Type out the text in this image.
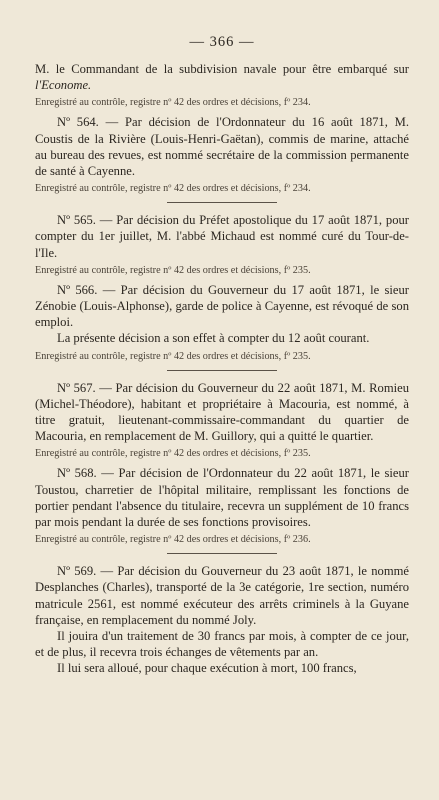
— 366 —

M. le Commandant de la subdivision navale pour être embarqué sur l'Econome.

Enregistré au contrôle, registre nº 42 des ordres et décisions, fº 234.

Nº 564. — Par décision de l'Ordonnateur du 16 août 1871, M. Coustis de la Rivière (Louis-Henri-Gaëtan), commis de marine, attaché au bureau des revues, est nommé secrétaire de la commission permanente de santé à Cayenne.

Enregistré au contrôle, registre nº 42 des ordres et décisions, fº 234.

Nº 565. — Par décision du Préfet apostolique du 17 août 1871, pour compter du 1er juillet, M. l'abbé Michaud est nommé curé du Tour-de-l'Ile.

Enregistré au contrôle, registre nº 42 des ordres et décisions, fº 235.

Nº 566. — Par décision du Gouverneur du 17 août 1871, le sieur Zénobie (Louis-Alphonse), garde de police à Cayenne, est révoqué de son emploi.

La présente décision a son effet à compter du 12 août courant.

Enregistré au contrôle, registre nº 42 des ordres et décisions, fº 235.

Nº 567. — Par décision du Gouverneur du 22 août 1871, M. Romieu (Michel-Théodore), habitant et propriétaire à Macouria, est nommé, à titre gratuit, lieutenant-commissaire-commandant du quartier de Macouria, en remplacement de M. Guillory, qui a quitté le quartier.

Enregistré au contrôle, registre nº 42 des ordres et décisions, fº 235.

Nº 568. — Par décision de l'Ordonnateur du 22 août 1871, le sieur Toustou, charretier de l'hôpital militaire, remplissant les fonctions de portier pendant l'absence du titulaire, recevra un supplément de 10 francs par mois pendant la durée de ses fonctions provisoires.

Enregistré au contrôle, registre nº 42 des ordres et décisions, fº 236.

Nº 569. — Par décision du Gouverneur du 23 août 1871, le nommé Desplanches (Charles), transporté de la 3e catégorie, 1re section, numéro matricule 2561, est nommé exécuteur des arrêts criminels à la Guyane française, en remplacement du nommé Joly.

Il jouira d'un traitement de 30 francs par mois, à compter de ce jour, et de plus, il recevra trois échanges de vêtements par an.

Il lui sera alloué, pour chaque exécution à mort, 100 francs,
